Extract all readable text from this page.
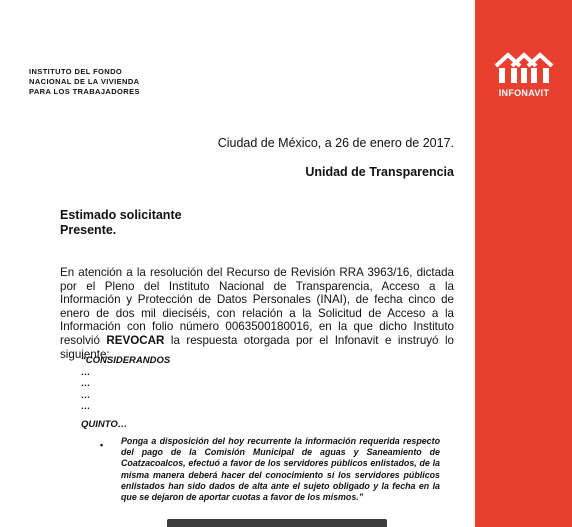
INFONAVIT
INSTITUTO DEL FONDO
NACIONAL DE LA VIVIENDA
PARA LOS TRABAJADORES
Ciudad de México, a 26 de enero de 2017.
Unidad de Transparencia
Estimado solicitante
Presente.
En atención a la resolución del Recurso de Revisión RRA 3963/16, dictada por el Pleno del Instituto Nacional de Transparencia, Acceso a la Información y Protección de Datos Personales (INAI), de fecha cinco de enero de dos mil dieciséis, con relación a la Solicitud de Acceso a la Información con folio número 0063500180016, en la que dicho Instituto resolvió REVOCAR la respuesta otorgada por el Infonavit e instruyó lo siguiente:
“CONSIDERANDOS
…
…
…
…
QUINTO…
• Ponga a disposición del hoy recurrente la información requerida respecto del pago de la Comisión Municipal de aguas y Saneamiento de Coatzacoalcos, efectuó a favor de los servidores públicos enlistados, de la misma manera deberá hacer del conocimiento sí los servidores públicos enlistados han sido dados de alta ante el sujeto obligado y la fecha en la que se dejaron de aportar cuotas a favor de los mismos.”
